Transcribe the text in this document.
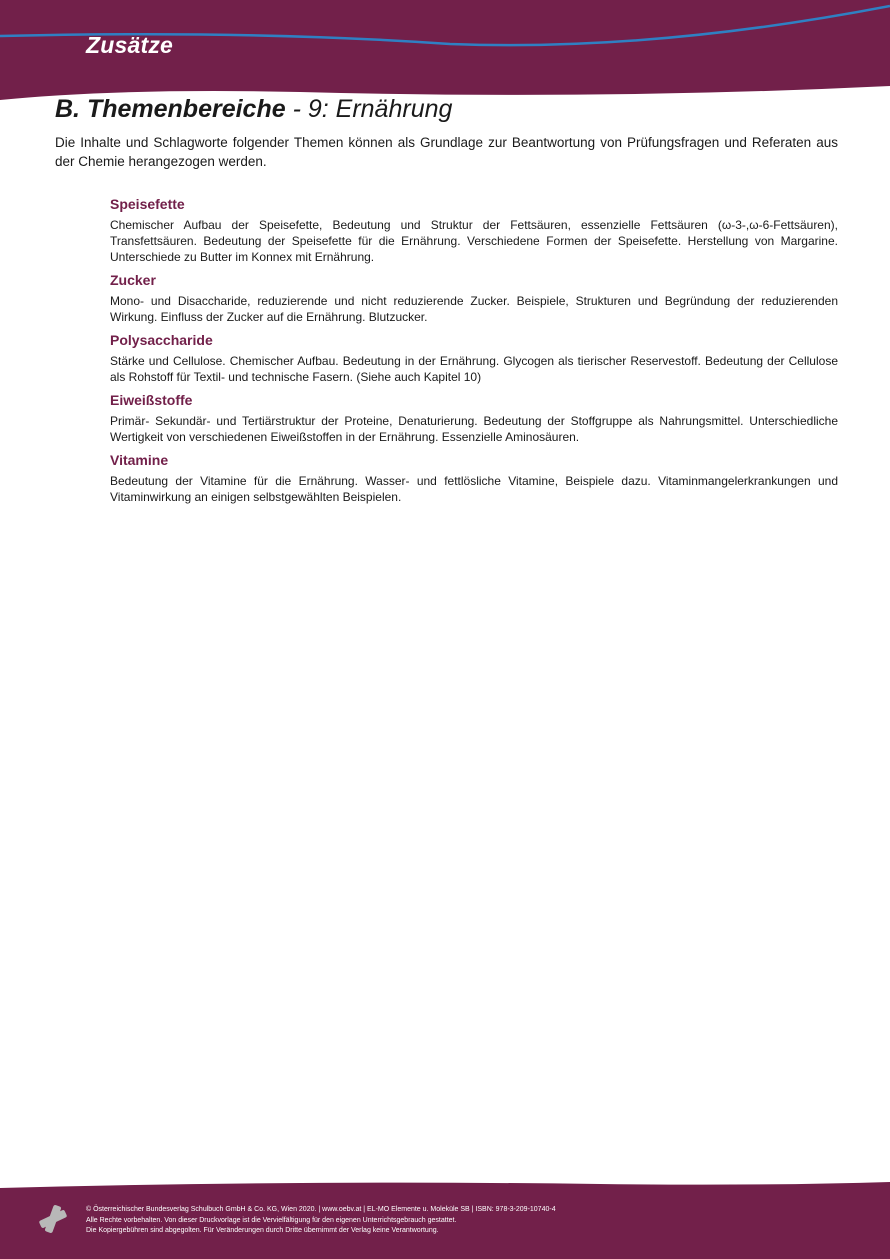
Zusätze
B. Themenbereiche - 9: Ernährung

Die Inhalte und Schlagworte folgender Themen können als Grundlage zur Beantwortung von Prüfungsfragen und Referaten aus der Chemie herangezogen werden.

Speisefette

Chemischer Aufbau der Speisefette, Bedeutung und Struktur der Fettsäuren, essenzielle Fettsäuren (ω-3-,ω-6-Fettsäuren), Transfettsäuren. Bedeutung der Speisefette für die Ernährung. Verschiedene Formen der Speisefette. Herstellung von Margarine. Unterschiede zu Butter im Konnex mit Ernährung.

Zucker

Mono- und Disaccharide, reduzierende und nicht reduzierende Zucker. Beispiele, Strukturen und Begründung der reduzierenden Wirkung. Einfluss der Zucker auf die Ernährung. Blutzucker.

Polysaccharide

Stärke und Cellulose. Chemischer Aufbau. Bedeutung in der Ernährung. Glycogen als tierischer Reservestoff. Bedeutung der Cellulose als Rohstoff für Textil- und technische Fasern. (Siehe auch Kapitel 10)

Eiweißstoffe

Primär- Sekundär- und Tertiärstruktur der Proteine, Denaturierung. Bedeutung der Stoffgruppe als Nahrungsmittel. Unterschiedliche Wertigkeit von verschiedenen Eiweißstoffen in der Ernährung. Essenzielle Aminosäuren.

Vitamine

Bedeutung der Vitamine für die Ernährung. Wasser- und fettlösliche Vitamine, Beispiele dazu. Vitaminmangelerkrankungen und Vitaminwirkung an einigen selbstgewählten Beispielen.

© Österreichischer Bundesverlag Schulbuch GmbH & Co. KG, Wien 2020. | www.oebv.at | EL-MO Elemente u. Moleküle SB | ISBN: 978-3-209-10740-4
Alle Rechte vorbehalten. Von dieser Druckvorlage ist die Vervielfältigung für den eigenen Unterrichtsgebrauch gestattet.
Die Kopiergebühren sind abgegolten. Für Veränderungen durch Dritte übernimmt der Verlag keine Verantwortung.
